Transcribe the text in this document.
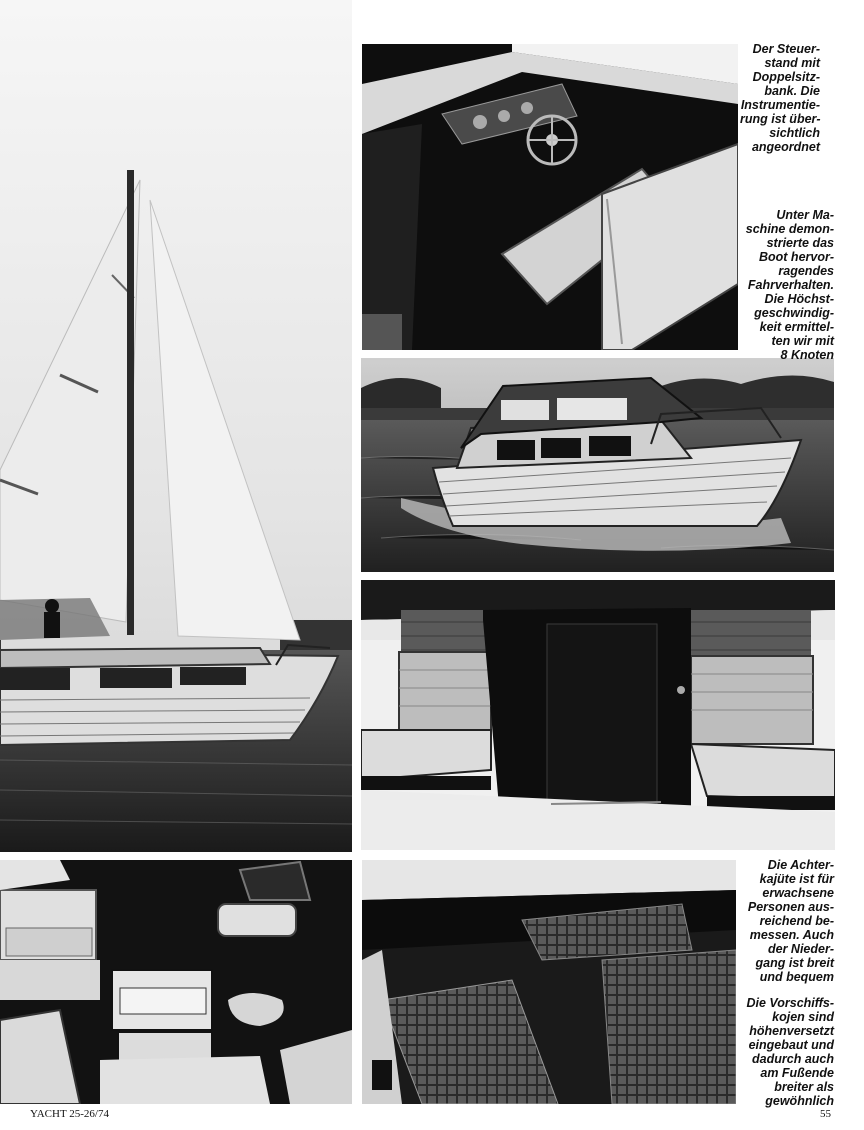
Der Steuer-
stand mit
Doppelsitz-
bank. Die
Instrumentie-
rung ist über-
sichtlich
angeordnet
Unter Ma-
schine demon-
strierte das
Boot hervor-
ragendes
Fahrverhalten.
Die Höchst-
geschwindig-
keit ermittel-
ten wir mit
8 Knoten
Die Achter-
kajüte ist für
erwachsene
Personen aus-
reichend be-
messen. Auch
der Nieder-
gang ist breit
und bequem
Die Vorschiffs-
kojen sind
höhenversetzt
eingebaut und
dadurch auch
am Fußende
breiter als
gewöhnlich
YACHT 25-26/74	55
